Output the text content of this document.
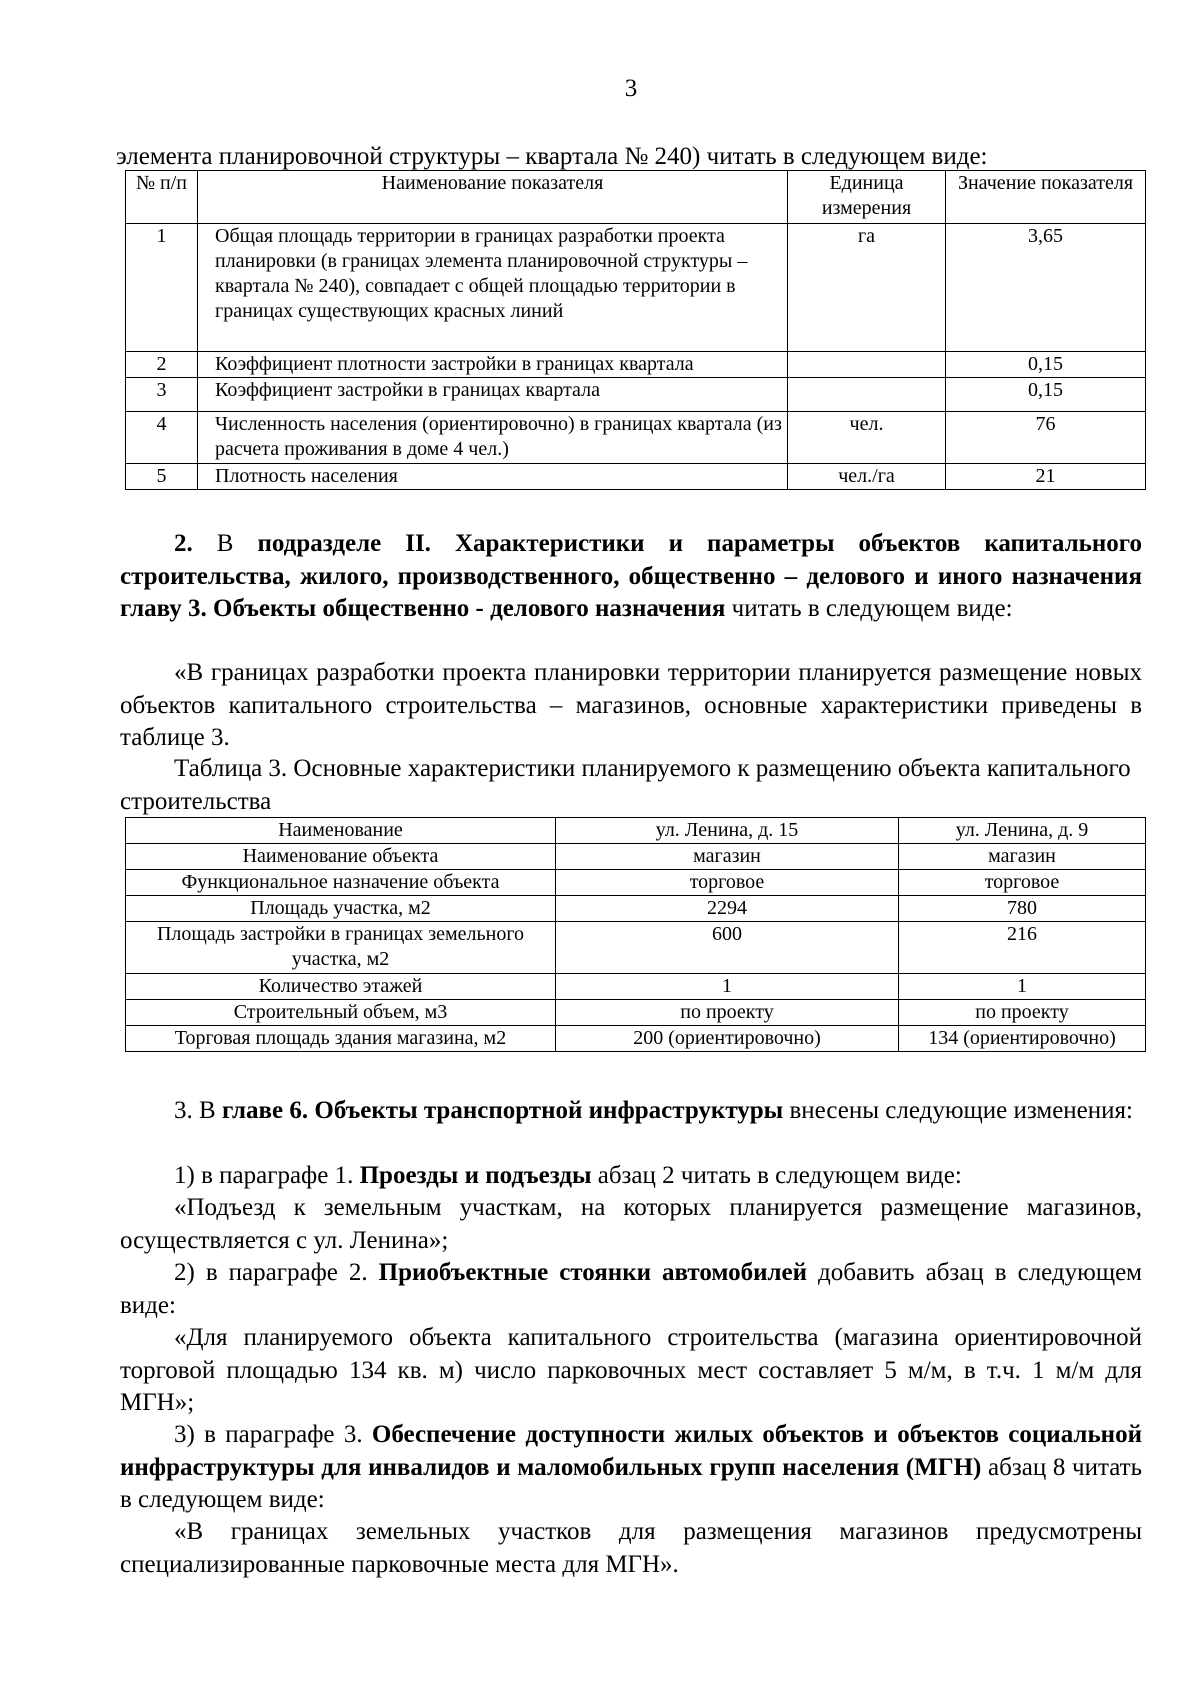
3
элемента планировочной структуры – квартала № 240) читать в следующем виде:
№ п/п	Наименование показателя	Единица измерения	Значение показателя
1	Общая площадь территории в границах разработки проекта планировки (в границах элемента планировочной структуры – квартала № 240), совпадает с общей площадью территории в границах существующих красных линий	га	3,65
2	Коэффициент плотности застройки в границах квартала		0,15
3	Коэффициент застройки в границах квартала		0,15
4	Численность населения (ориентировочно) в границах квартала (из расчета проживания в доме 4 чел.)	чел.	76
5	Плотность населения	чел./га	21
2. В подразделе II. Характеристики и параметры объектов капитального строительства, жилого, производственного, общественно – делового и иного назначения главу 3. Объекты общественно - делового назначения читать в следующем виде:
«В границах разработки проекта планировки территории планируется размещение новых объектов капитального строительства – магазинов, основные характеристики приведены в таблице 3.
Таблица 3. Основные характеристики планируемого к размещению объекта капитального строительства
Наименование	ул. Ленина, д. 15	ул. Ленина, д. 9
Наименование объекта	магазин	магазин
Функциональное назначение объекта	торговое	торговое
Площадь участка, м2	2294	780
Площадь застройки в границах земельного участка, м2	600	216
Количество этажей	1	1
Строительный объем, м3	по проекту	по проекту
Торговая площадь здания магазина, м2	200 (ориентировочно)	134 (ориентировочно)
3. В главе 6. Объекты транспортной инфраструктуры внесены следующие изменения:
1) в параграфе 1. Проезды и подъезды абзац 2 читать в следующем виде:
«Подъезд к земельным участкам, на которых планируется размещение магазинов, осуществляется с ул. Ленина»;
2) в параграфе 2. Приобъектные стоянки автомобилей добавить абзац в следующем виде:
«Для планируемого объекта капитального строительства (магазина ориентировочной торговой площадью 134 кв. м) число парковочных мест составляет 5 м/м, в т.ч. 1 м/м для МГН»;
3) в параграфе 3. Обеспечение доступности жилых объектов и объектов социальной инфраструктуры для инвалидов и маломобильных групп населения (МГН) абзац 8 читать в следующем виде:
«В границах земельных участков для размещения магазинов предусмотрены специализированные парковочные места для МГН».
